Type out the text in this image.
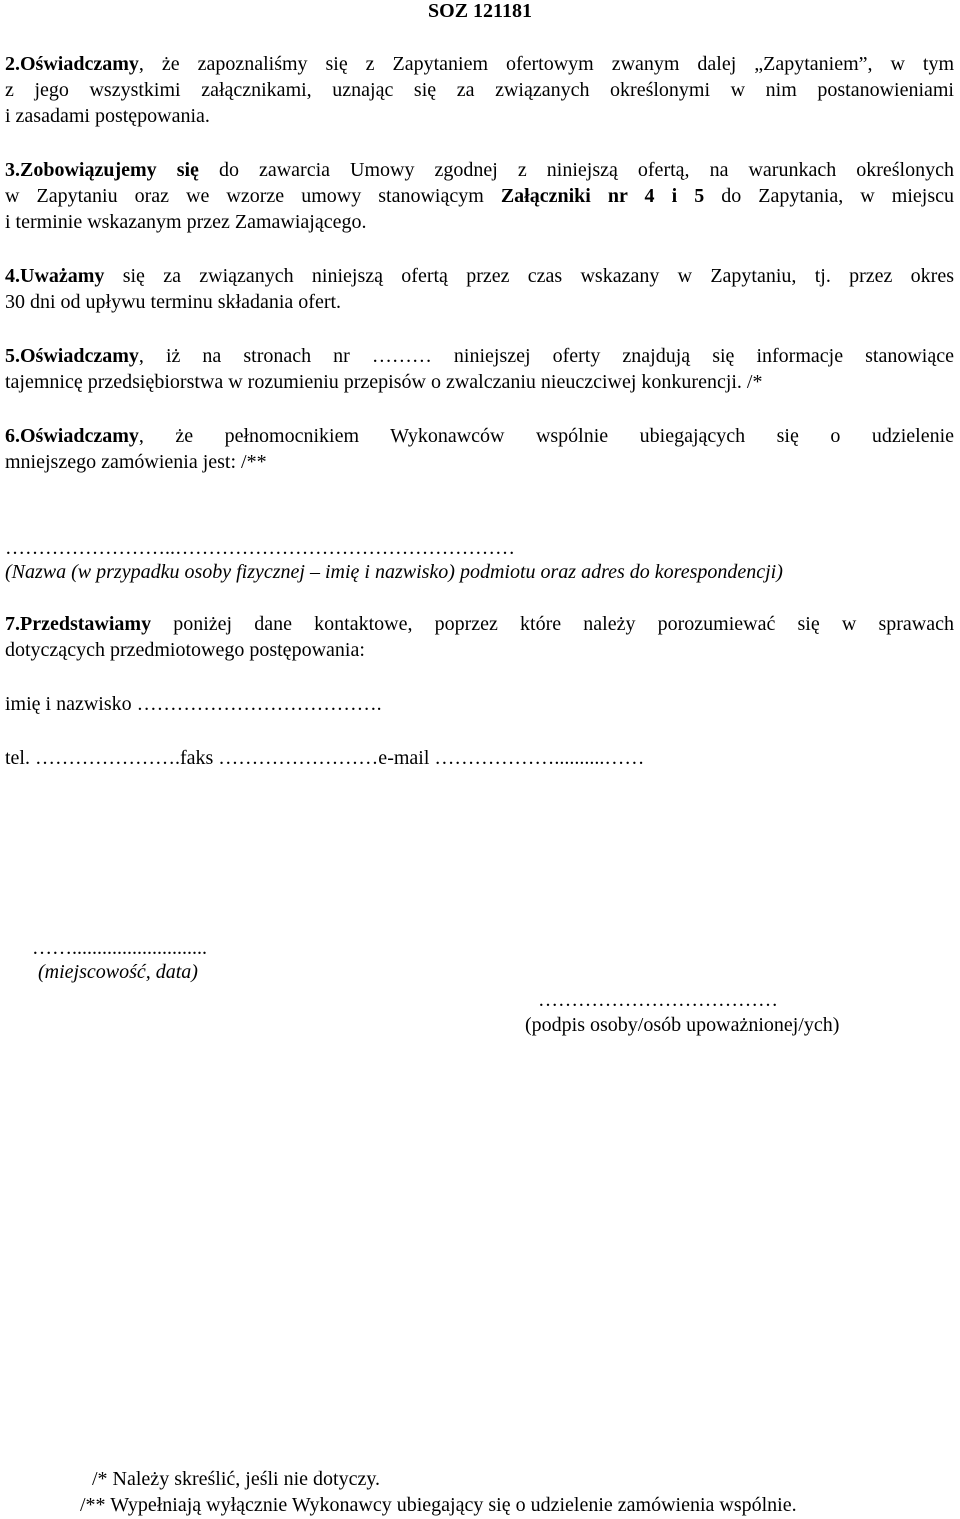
SOZ 121181
2.Oświadczamy, że zapoznaliśmy się z Zapytaniem ofertowym zwanym dalej „Zapytaniem”, w tym
z jego wszystkimi załącznikami, uznając się za związanych określonymi w nim postanowieniami
i zasadami postępowania.
3.Zobowiązujemy się do zawarcia Umowy zgodnej z niniejszą ofertą, na warunkach określonych
w Zapytaniu oraz we wzorze umowy stanowiącym Załączniki nr 4 i 5 do Zapytania, w miejscu
i terminie wskazanym przez Zamawiającego.
4.Uważamy się za związanych niniejszą ofertą przez czas wskazany w Zapytaniu, tj. przez okres
30 dni od upływu terminu składania ofert.
5.Oświadczamy, iż na stronach nr ……… niniejszej oferty znajdują się informacje stanowiące
tajemnicę przedsiębiorstwa w rozumieniu przepisów o zwalczaniu nieuczciwej konkurencji. /*
6.Oświadczamy, że pełnomocnikiem Wykonawców wspólnie ubiegających się o udzielenie
mniejszego zamówienia jest: /**
……………………..……………………………………………
(Nazwa (w przypadku osoby fizycznej – imię i nazwisko) podmiotu oraz adres do korespondencji)
7.Przedstawiamy poniżej dane kontaktowe, poprzez które należy porozumiewać się w sprawach
dotyczących przedmiotowego postępowania:
imię i nazwisko ……………………………….
tel. ………………….faks ……………………e-mail ………………..........……
……...........................
(miejscowość, data)
………………………………
(podpis osoby/osób upoważnionej/ych)
/* Należy skreślić, jeśli nie dotyczy.
/** Wypełniają wyłącznie Wykonawcy ubiegający się o udzielenie zamówienia wspólnie.
